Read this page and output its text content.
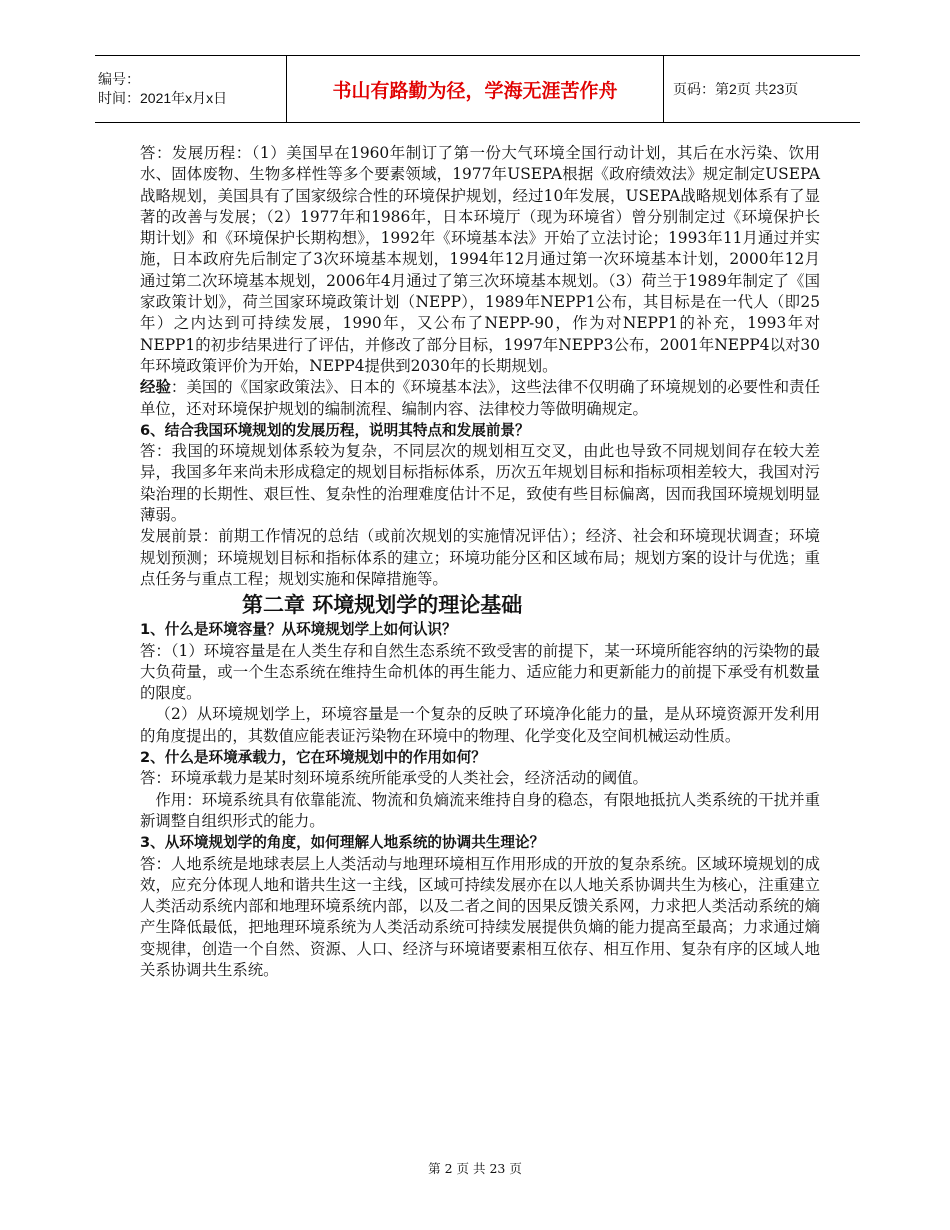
编号：
时间：2021年x月x日	书山有路勤为径，学海无涯苦作舟	页码：第2页 共23页

答：发展历程：（1）美国早在1960年制订了第一份大气环境全国行动计划，其后在水污染、饮用水、固体废物、生物多样性等多个要素领域，1977年USEPA根据《政府绩效法》规定制定USEPA战略规划，美国具有了国家级综合性的环境保护规划，经过10年发展，USEPA战略规划体系有了显著的改善与发展；（2）1977年和1986年，日本环境厅（现为环境省）曾分别制定过《环境保护长期计划》和《环境保护长期构想》，1992年《环境基本法》开始了立法讨论；1993年11月通过并实施，日本政府先后制定了3次环境基本规划，1994年12月通过第一次环境基本计划，2000年12月通过第二次环境基本规划，2006年4月通过了第三次环境基本规划。（3）荷兰于1989年制定了《国家政策计划》，荷兰国家环境政策计划（NEPP），1989年NEPP1公布，其目标是在一代人（即25年）之内达到可持续发展，1990年，又公布了NEPP-90，作为对NEPP1的补充，1993年对NEPP1的初步结果进行了评估，并修改了部分目标，1997年NEPP3公布，2001年NEPP4以对30年环境政策评价为开始，NEPP4提供到2030年的长期规划。

经验：美国的《国家政策法》、日本的《环境基本法》，这些法律不仅明确了环境规划的必要性和责任单位，还对环境保护规划的编制流程、编制内容、法律校力等做明确规定。

6、结合我国环境规划的发展历程，说明其特点和发展前景？

答：我国的环境规划体系较为复杂，不同层次的规划相互交叉，由此也导致不同规划间存在较大差异，我国多年来尚未形成稳定的规划目标指标体系，历次五年规划目标和指标项相差较大，我国对污染治理的长期性、艰巨性、复杂性的治理难度估计不足，致使有些目标偏离，因而我国环境规划明显薄弱。

发展前景：前期工作情况的总结（或前次规划的实施情况评估）；经济、社会和环境现状调查；环境规划预测；环境规划目标和指标体系的建立；环境功能分区和区域布局；规划方案的设计与优选；重点任务与重点工程；规划实施和保障措施等。

第二章 环境规划学的理论基础

1、什么是环境容量？从环境规划学上如何认识？

答：（1）环境容量是在人类生存和自然生态系统不致受害的前提下，某一环境所能容纳的污染物的最大负荷量，或一个生态系统在维持生命机体的再生能力、适应能力和更新能力的前提下承受有机数量的限度。

（2）从环境规划学上，环境容量是一个复杂的反映了环境净化能力的量，是从环境资源开发利用的角度提出的，其数值应能表证污染物在环境中的物理、化学变化及空间机械运动性质。

2、什么是环境承载力，它在环境规划中的作用如何？

答：环境承载力是某时刻环境系统所能承受的人类社会，经济活动的阈值。

作用：环境系统具有依靠能流、物流和负熵流来维持自身的稳态，有限地抵抗人类系统的干扰并重新调整自组织形式的能力。

3、从环境规划学的角度，如何理解人地系统的协调共生理论？

答：人地系统是地球表层上人类活动与地理环境相互作用形成的开放的复杂系统。区域环境规划的成效，应充分体现人地和谐共生这一主线，区域可持续发展亦在以人地关系协调共生为核心，注重建立人类活动系统内部和地理环境系统内部，以及二者之间的因果反馈关系网，力求把人类活动系统的熵产生降低最低，把地理环境系统为人类活动系统可持续发展提供负熵的能力提高至最高；力求通过熵变规律，创造一个自然、资源、人口、经济与环境诸要素相互依存、相互作用、复杂有序的区域人地关系协调共生系统。

第 2 页 共 23 页
